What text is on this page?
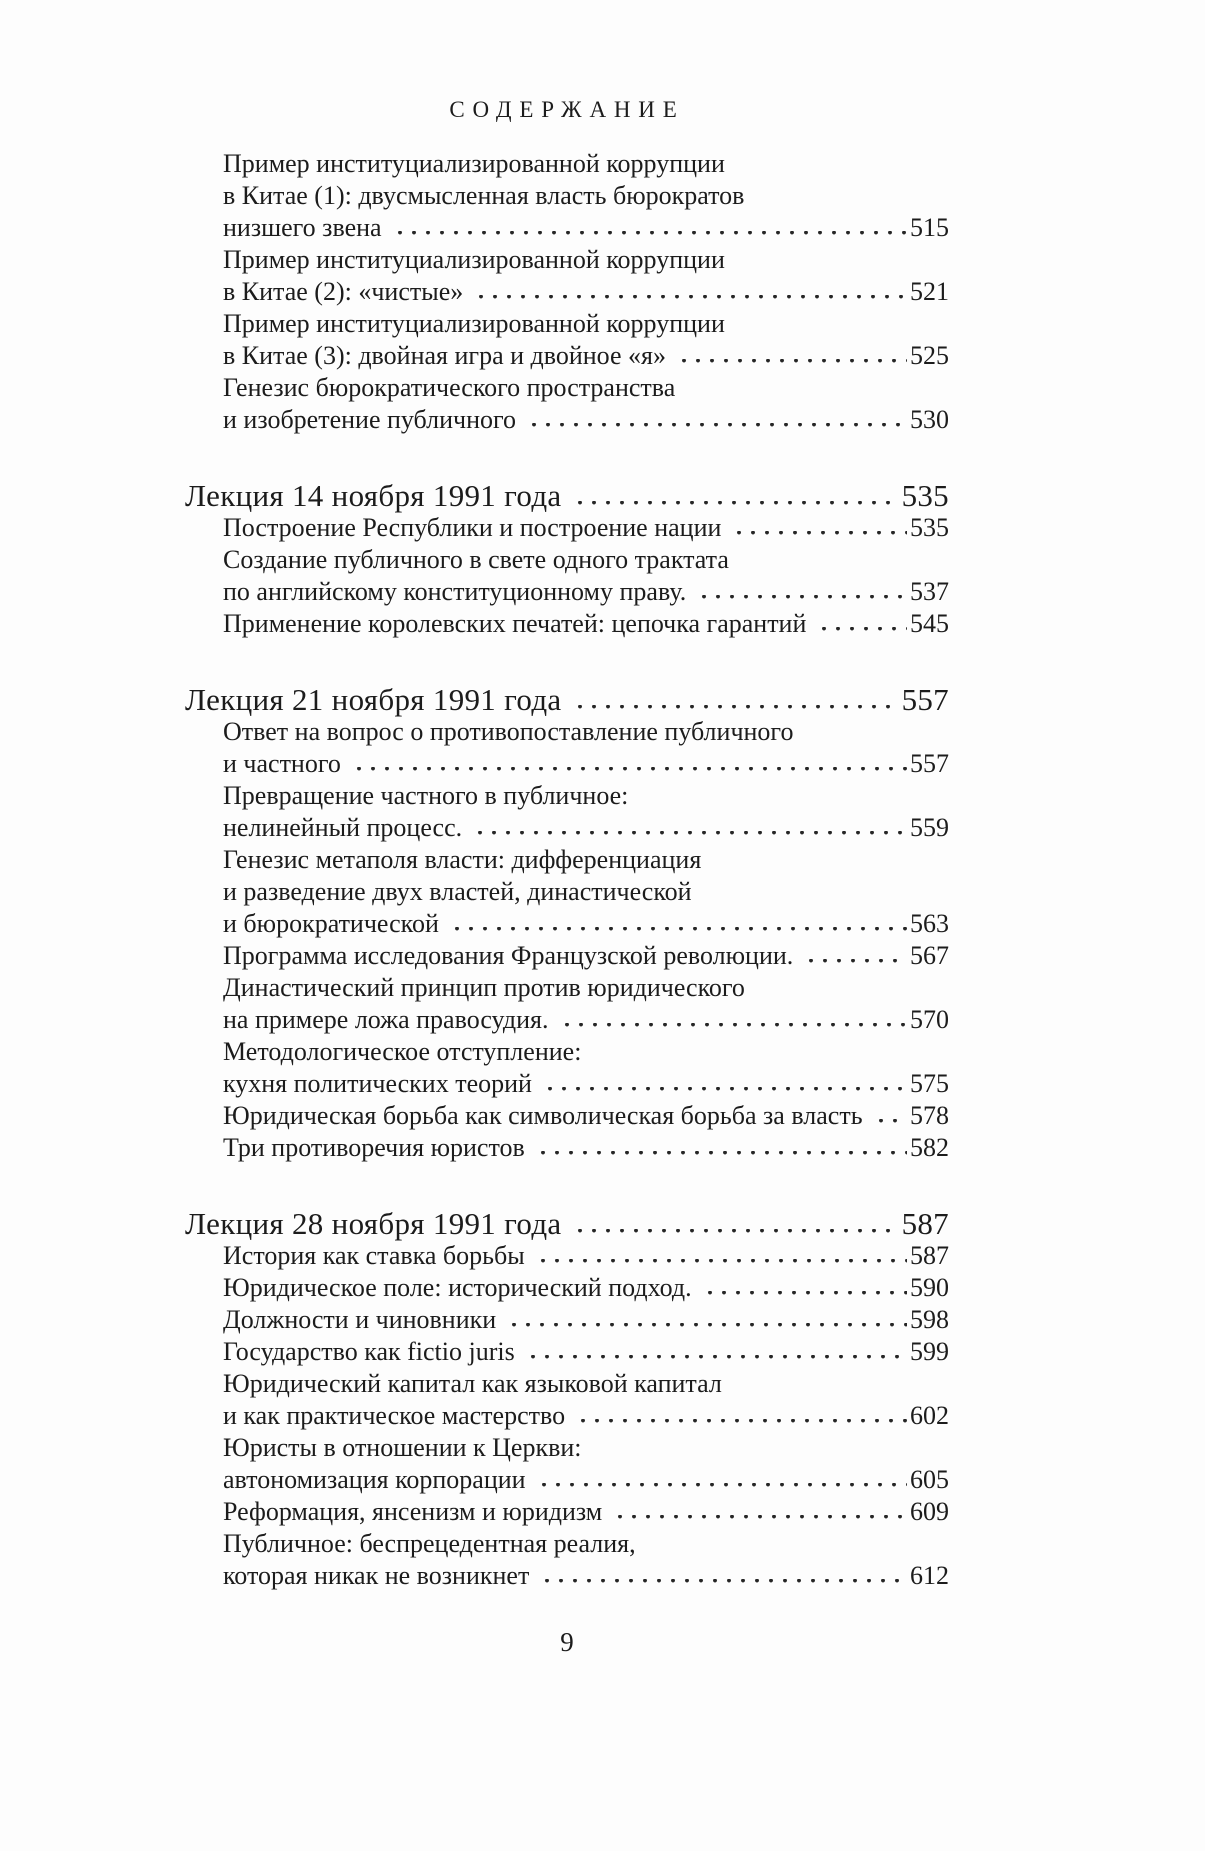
СОДЕРЖАНИЕ
Пример институциализированной коррупции
в Китае (1): двусмысленная власть бюрократов
низшего звена	515
Пример институциализированной коррупции
в Китае (2): «чистые»	521
Пример институциализированной коррупции
в Китае (3): двойная игра и двойное «я»	525
Генезис бюрократического пространства
и изобретение публичного	530
Лекция 14 ноября 1991 года	535
Построение Республики и построение нации	535
Создание публичного в свете одного трактата
по английскому конституционному праву.	537
Применение королевских печатей: цепочка гарантий	545
Лекция 21 ноября 1991 года	557
Ответ на вопрос о противопоставление публичного
и частного	557
Превращение частного в публичное:
нелинейный процесс.	559
Генезис метаполя власти: дифференциация
и разведение двух властей, династической
и бюрократической	563
Программа исследования Французской революции.	567
Династический принцип против юридического
на примере ложа правосудия.	570
Методологическое отступление:
кухня политических теорий	575
Юридическая борьба как символическая борьба за власть 578
Три противоречия юристов	582
Лекция 28 ноября 1991 года	587
История как ставка борьбы	587
Юридическое поле: исторический подход.	590
Должности и чиновники	598
Государство как fictio juris	599
Юридический капитал как языковой капитал
и как практическое мастерство	602
Юристы в отношении к Церкви:
автономизация корпорации	605
Реформация, янсенизм и юридизм	609
Публичное: беспрецедентная реалия,
которая никак не возникнет	612
9
